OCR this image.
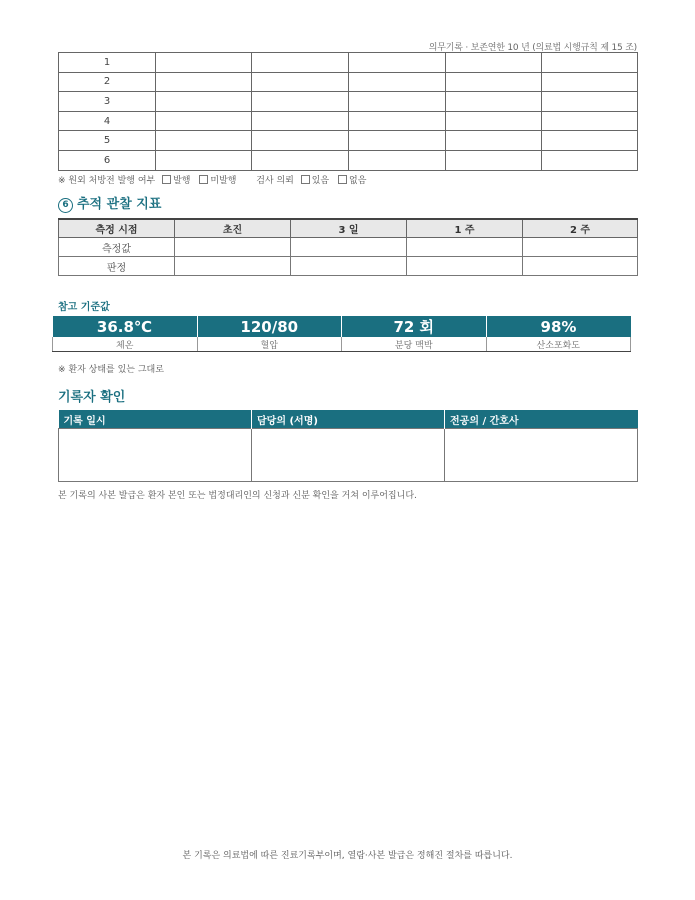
의무기록 · 보존연한 10 년 (의료법 시행규칙 제 15 조)
1					
2					
3					
4					
5					
6					
※ 원외 처방전 발행 여부 발행 미발행 검사 의뢰 있음 없음
6 추적 관찰 지표
측정 시점	초진	3 일	1 주	2 주
측정값				
판정				
참고 기준값
36.8℃	120/80	72 회	98%
체온	혈압	분당 맥박	산소포화도
※ 환자 상태를 있는 그대로
기록자 확인
기록 일시	담당의 (서명)	전공의 / 간호사

본 기록의 사본 발급은 환자 본인 또는 법정대리인의 신청과 신분 확인을 거쳐 이루어집니다.
본 기록은 의료법에 따른 진료기록부이며, 열람·사본 발급은 정해진 절차를 따릅니다.
